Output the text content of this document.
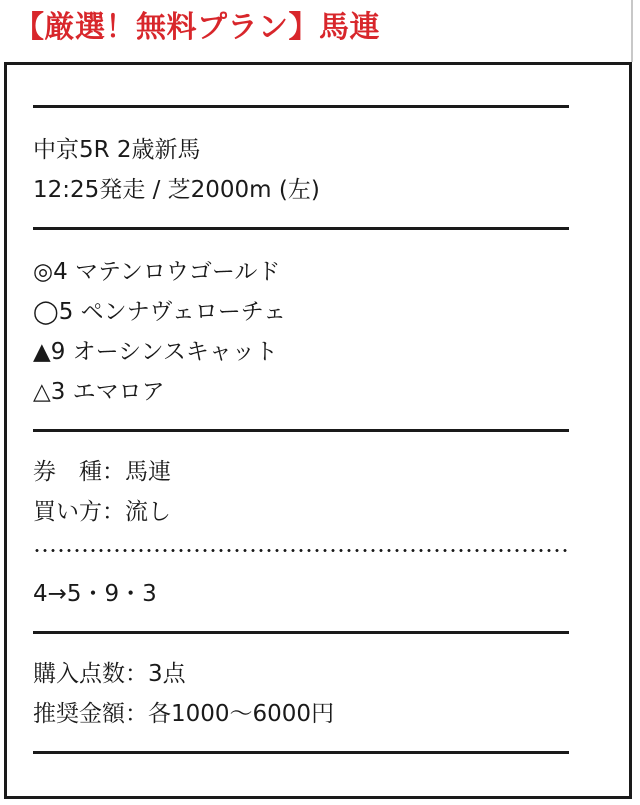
【厳選！無料プラン】馬連
中京5R 2歳新馬
12:25発走 / 芝2000m (左)
◎4 マテンロウゴールド
◯5 ペンナヴェローチェ
▲9 オーシンスキャット
△3 エマロア
券　種：馬連
買い方：流し
4→5・9・3
購入点数：3点
推奨金額：各1000〜6000円
